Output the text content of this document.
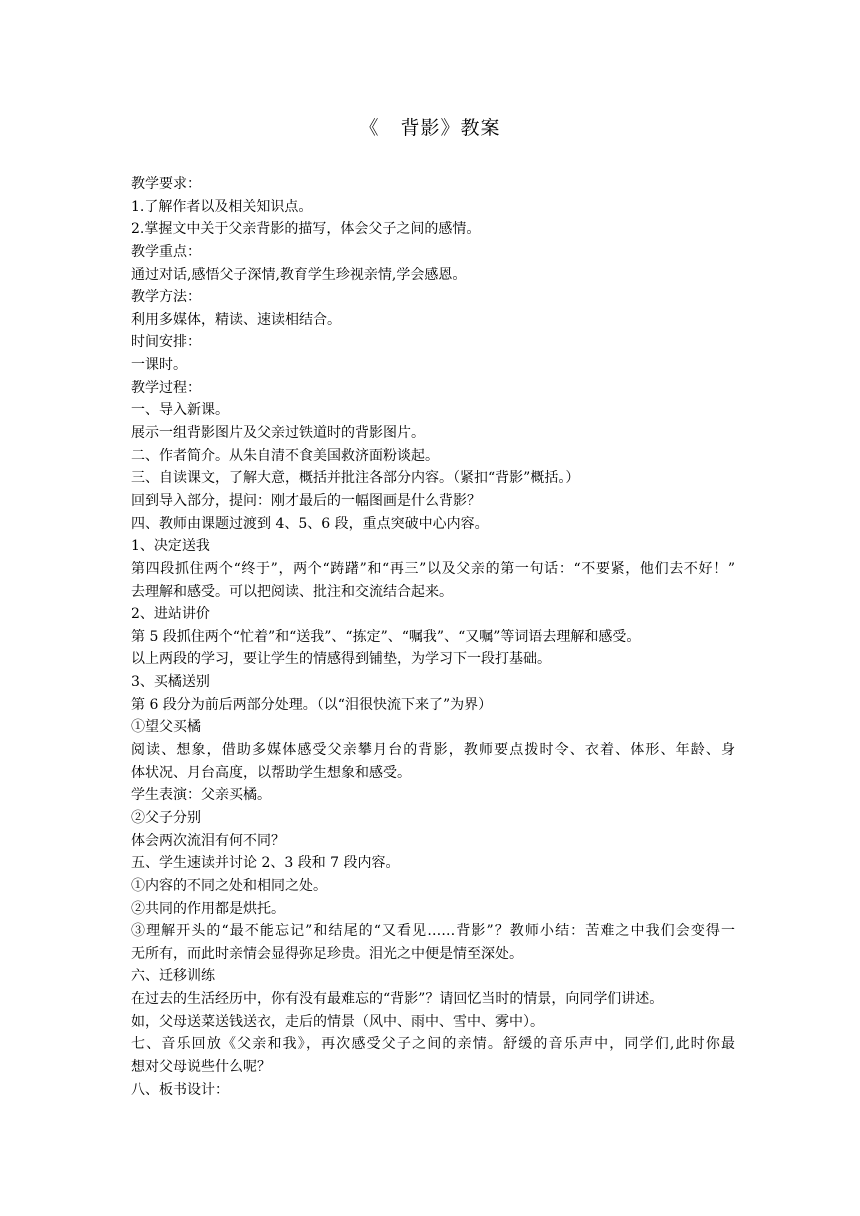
《   背影》教案
教学要求：
1.了解作者以及相关知识点。
2.掌握文中关于父亲背影的描写，体会父子之间的感情。
教学重点：
通过对话,感悟父子深情,教育学生珍视亲情,学会感恩。
教学方法：
利用多媒体，精读、速读相结合。
时间安排：
一课时。
教学过程：
一、导入新课。
展示一组背影图片及父亲过铁道时的背影图片。
二、作者简介。从朱自清不食美国救济面粉谈起。
三、自读课文，了解大意，概括并批注各部分内容。（紧扣“背影”概括。）
回到导入部分，提问：刚才最后的一幅图画是什么背影？
四、教师由课题过渡到 4、5、6 段，重点突破中心内容。
1、决定送我
第四段抓住两个“终于”，两个“踌躇”和“再三”以及父亲的第一句话：“不要紧，他们去不好！”
去理解和感受。可以把阅读、批注和交流结合起来。
2、进站讲价
第 5 段抓住两个“忙着”和“送我”、“拣定”、“嘱我”、“又嘱”等词语去理解和感受。
以上两段的学习，要让学生的情感得到铺垫，为学习下一段打基础。
3、买橘送别
第 6 段分为前后两部分处理。（以“泪很快流下来了”为界）
①望父买橘
阅读、想象，借助多媒体感受父亲攀月台的背影，教师要点拨时令、衣着、体形、年龄、身
体状况、月台高度，以帮助学生想象和感受。
学生表演：父亲买橘。
②父子分别
体会两次流泪有何不同？
五、学生速读并讨论 2、3 段和 7 段内容。
①内容的不同之处和相同之处。
②共同的作用都是烘托。
③理解开头的“最不能忘记”和结尾的“又看见……背影”？教师小结：苦难之中我们会变得一
无所有，而此时亲情会显得弥足珍贵。泪光之中便是情至深处。
六、迁移训练
在过去的生活经历中，你有没有最难忘的“背影”？请回忆当时的情景，向同学们讲述。
如，父母送菜送钱送衣，走后的情景（风中、雨中、雪中、雾中）。
七、音乐回放《父亲和我》，再次感受父子之间的亲情。舒缓的音乐声中，同学们,此时你最
想对父母说些什么呢？
八、板书设计：
